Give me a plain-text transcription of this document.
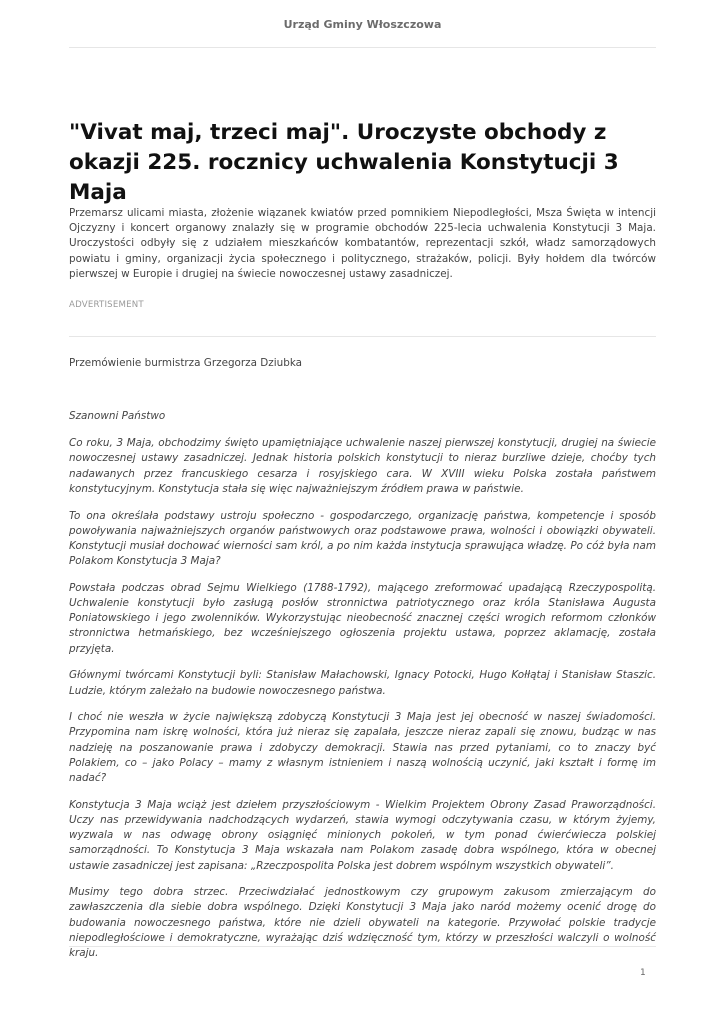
Urząd Gminy Włoszczowa
"Vivat maj, trzeci maj". Uroczyste obchody z okazji 225. rocznicy uchwalenia Konstytucji 3 Maja

Przemarsz ulicami miasta, złożenie wiązanek kwiatów przed pomnikiem Niepodległości, Msza Święta w intencji Ojczyzny i koncert organowy znalazły się w programie obchodów 225-lecia uchwalenia Konstytucji 3 Maja. Uroczystości odbyły się z udziałem mieszkańców kombatantów, reprezentacji szkół, władz samorządowych powiatu i gminy, organizacji życia społecznego i politycznego, strażaków, policji. Były hołdem dla twórców pierwszej w Europie i drugiej na świecie nowoczesnej ustawy zasadniczej.

ADVERTISEMENT

Przemówienie burmistrza Grzegorza Dziubka

Szanowni Państwo

Co roku, 3 Maja, obchodzimy święto upamiętniające uchwalenie naszej pierwszej konstytucji, drugiej na świecie nowoczesnej ustawy zasadniczej. Jednak historia polskich konstytucji to nieraz burzliwe dzieje, choćby tych nadawanych przez francuskiego cesarza i rosyjskiego cara. W XVIII wieku Polska została państwem konstytucyjnym. Konstytucja stała się więc najważniejszym źródłem prawa w państwie.

To ona określała podstawy ustroju społeczno - gospodarczego, organizację państwa, kompetencje i sposób powoływania najważniejszych organów państwowych oraz podstawowe prawa, wolności i obowiązki obywateli. Konstytucji musiał dochować wierności sam król, a po nim każda instytucja sprawująca władzę. Po cóż była nam Polakom Konstytucja 3 Maja?

Powstała podczas obrad Sejmu Wielkiego (1788-1792), mającego zreformować upadającą Rzeczypospolitą. Uchwalenie konstytucji było zasługą posłów stronnictwa patriotycznego oraz króla Stanisława Augusta Poniatowskiego i jego zwolenników. Wykorzystując nieobecność znacznej części wrogich reformom członków stronnictwa hetmańskiego, bez wcześniejszego ogłoszenia projektu ustawa, poprzez aklamację, została przyjęta.

Głównymi twórcami Konstytucji byli: Stanisław Małachowski, Ignacy Potocki, Hugo Kołłątaj i Stanisław Staszic. Ludzie, którym zależało na budowie nowoczesnego państwa.

I choć nie weszła w życie największą zdobyczą Konstytucji 3 Maja jest jej obecność w naszej świadomości. Przypomina nam iskrę wolności, która już nieraz się zapalała, jeszcze nieraz zapali się znowu, budząc w nas nadzieję na poszanowanie prawa i zdobyczy demokracji. Stawia nas przed pytaniami, co to znaczy być Polakiem, co – jako Polacy – mamy z własnym istnieniem i naszą wolnością uczynić, jaki kształt i formę im nadać?

Konstytucja 3 Maja wciąż jest dziełem przyszłościowym - Wielkim Projektem Obrony Zasad Praworządności. Uczy nas przewidywania nadchodzących wydarzeń, stawia wymogi odczytywania czasu, w którym żyjemy, wyzwala w nas odwagę obrony osiągnięć minionych pokoleń, w tym ponad ćwierćwiecza polskiej samorządności. To Konstytucja 3 Maja wskazała nam Polakom zasadę dobra wspólnego, która w obecnej ustawie zasadniczej jest zapisana: „Rzeczpospolita Polska jest dobrem wspólnym wszystkich obywateli”.

Musimy tego dobra strzec. Przeciwdziałać jednostkowym czy grupowym zakusom zmierzającym do zawłaszczenia dla siebie dobra wspólnego. Dzięki Konstytucji 3 Maja jako naród możemy ocenić drogę do budowania nowoczesnego państwa, które nie dzieli obywateli na kategorie. Przywołać polskie tradycje niepodległościowe i demokratyczne, wyrażając dziś wdzięczność tym, którzy w przeszłości walczyli o wolność kraju.

1
